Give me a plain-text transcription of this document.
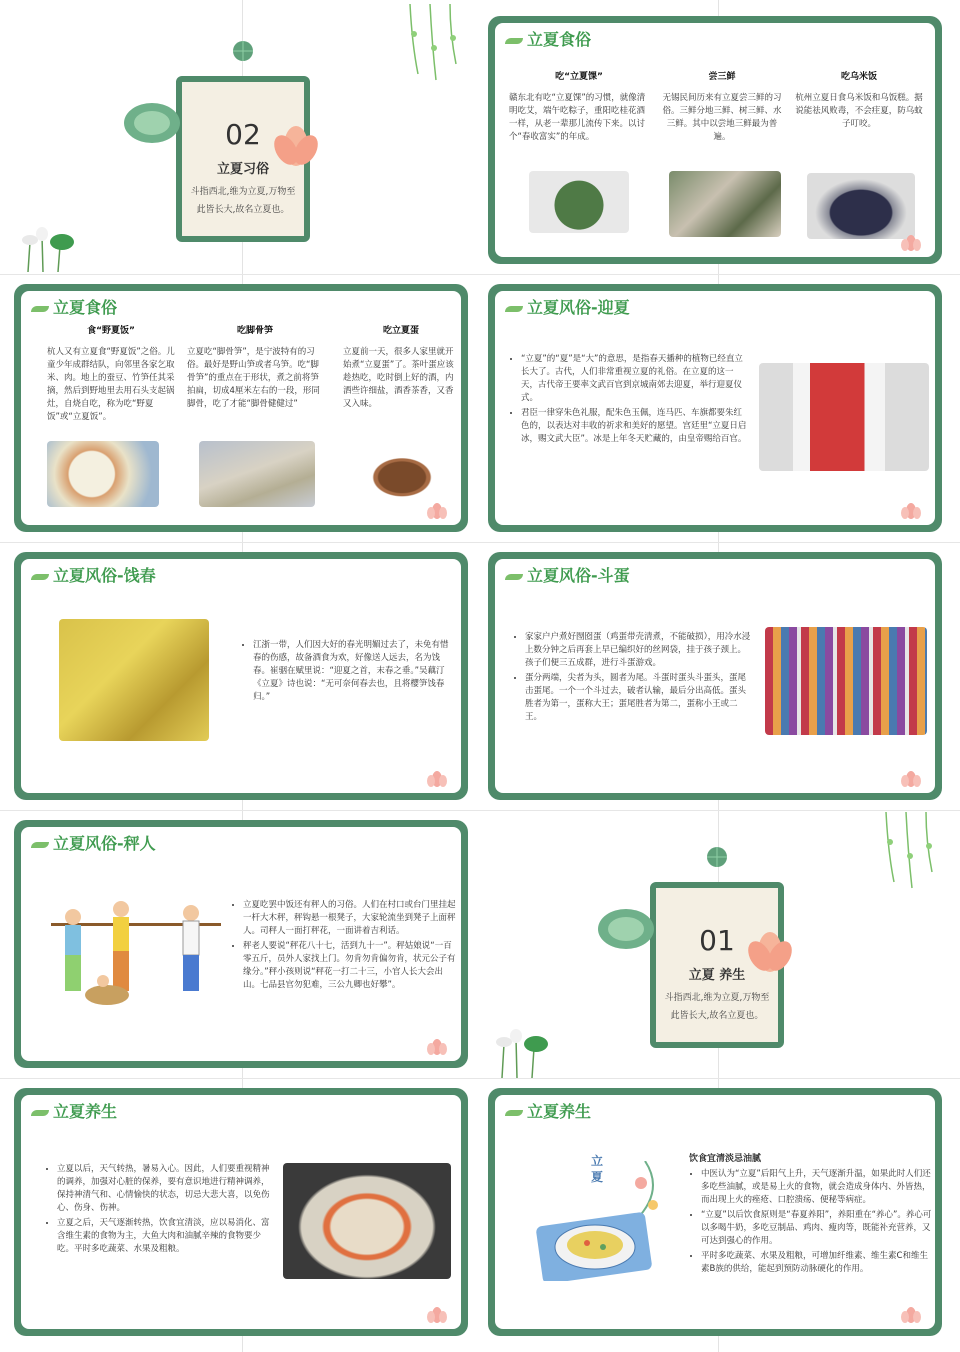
02
立夏习俗
斗指西北,维为立夏,万物至
此皆长大,故名立夏也。
立夏食俗
吃“立夏馃”
赣东北有吃“立夏馃”的习惯，就像清明吃艾，端午吃粽子，重阳吃桂花酒一样，从老一辈那儿流传下来。以讨个“春收富实”的年成。
尝三鲜
无锡民间历来有立夏尝三鲜的习俗。三鲜分地三鲜、树三鲜、水三鲜。其中以尝地三鲜最为普遍。
吃乌米饭
杭州立夏日食乌米饭和乌饭糕。据说能祛风败毒，不会疰夏，防乌蚊子叮咬。
立夏食俗
食“野夏饭”
杭人又有立夏食“野夏饭”之俗。儿童少年成群结队，向邻里各家乞取米、肉。地上的蚕豆、竹笋任其采摘，然后到野地里去用石头支起锅灶，自烧自吃，称为吃“野夏饭”或“立夏饭”。
吃脚骨笋
立夏吃“脚骨笋”，是宁波特有的习俗。最好是野山笋或者乌笋。吃“脚骨笋”的重点在于形状，煮之前将笋拍扁，切成4厘米左右的一段，形同脚骨，吃了才能“脚骨健健过”
吃立夏蛋
立夏前一天，很多人家里就开始煮“立夏蛋”了。茶叶蛋应该趁热吃，吃时倒上好的酒，内洒些许细盐，酒香茶香，又香又入味。
立夏风俗-迎夏
• “立夏”的“夏”是“大”的意思，是指春天播种的植物已经直立长大了。古代，人们非常重视立夏的礼俗。在立夏的这一天，古代帝王要率文武百官到京城南郊去迎夏，举行迎夏仪式。
• 君臣一律穿朱色礼服，配朱色玉佩，连马匹、车旗都要朱红色的，以表达对丰收的祈求和美好的愿望。宫廷里“立夏日启冰，赐文武大臣”。冰是上年冬天贮藏的，由皇帝赐给百官。
立夏风俗-饯春
• 江浙一带，人们因大好的春光明媚过去了，未免有惜春的伤感，故备酒食为欢，好像送人远去，名为饯春。崔骃在赋里说：“迎夏之首，末春之垂。”吴藕汀《立夏》诗也说：“无可奈何春去也，且将樱笋饯春归。”
立夏风俗-斗蛋
• 家家户户煮好囫囵蛋（鸡蛋带壳清煮，不能破损），用冷水浸上数分钟之后再套上早已编织好的丝网袋，挂于孩子颈上。孩子们便三五成群，进行斗蛋游戏。
• 蛋分两端，尖者为头，圆者为尾。斗蛋时蛋头斗蛋头，蛋尾击蛋尾。一个一个斗过去，破者认输，最后分出高低。蛋头胜者为第一，蛋称大王；蛋尾胜者为第二，蛋称小王或二王。
立夏风俗-秤人
• 立夏吃罢中饭还有秤人的习俗。人们在村口或台门里挂起一杆大木秤，秤钩悬一根凳子，大家轮流坐到凳子上面秤人。司秤人一面打秤花，一面讲着吉利话。
• 秤老人要说“秤花八十七，活到九十一”。秤姑娘说“一百零五斤，员外人家找上门。勿肯勿肯偏勿肯，状元公子有缘分。”秤小孩则说“秤花一打二十三，小官人长大会出山。七品县官勿犯难，三公九卿也好攀”。
01
立夏 养生
斗指西北,维为立夏,万物至
此皆长大,故名立夏也。
立夏养生
• 立夏以后，天气转热，暑易入心。因此，人们要重视精神的调养，加强对心脏的保养，要有意识地进行精神调养，保持神清气和、心情愉快的状态，切忌大悲大喜，以免伤心、伤身、伤神。
• 立夏之后，天气逐渐转热，饮食宜清淡，应以易消化、富含维生素的食物为主，大鱼大肉和油腻辛辣的食物要少吃。平时多吃蔬菜、水果及粗粮。
立夏养生
立夏
饮食宜清淡忌油腻
• 中医认为“立夏”后阳气上升，天气逐渐升温，如果此时人们还多吃些油腻，或是易上火的食物，就会造成身体内、外皆热，而出现上火的痤疮、口腔溃疡、便秘等病症。
• “立夏”以后饮食原则是“春夏养阳”，养阳重在“养心”。养心可以多喝牛奶，多吃豆制品、鸡肉、瘦肉等，既能补充营养，又可达到强心的作用。
• 平时多吃蔬菜、水果及粗粮，可增加纤维素、维生素C和维生素B族的供给，能起到预防动脉硬化的作用。
